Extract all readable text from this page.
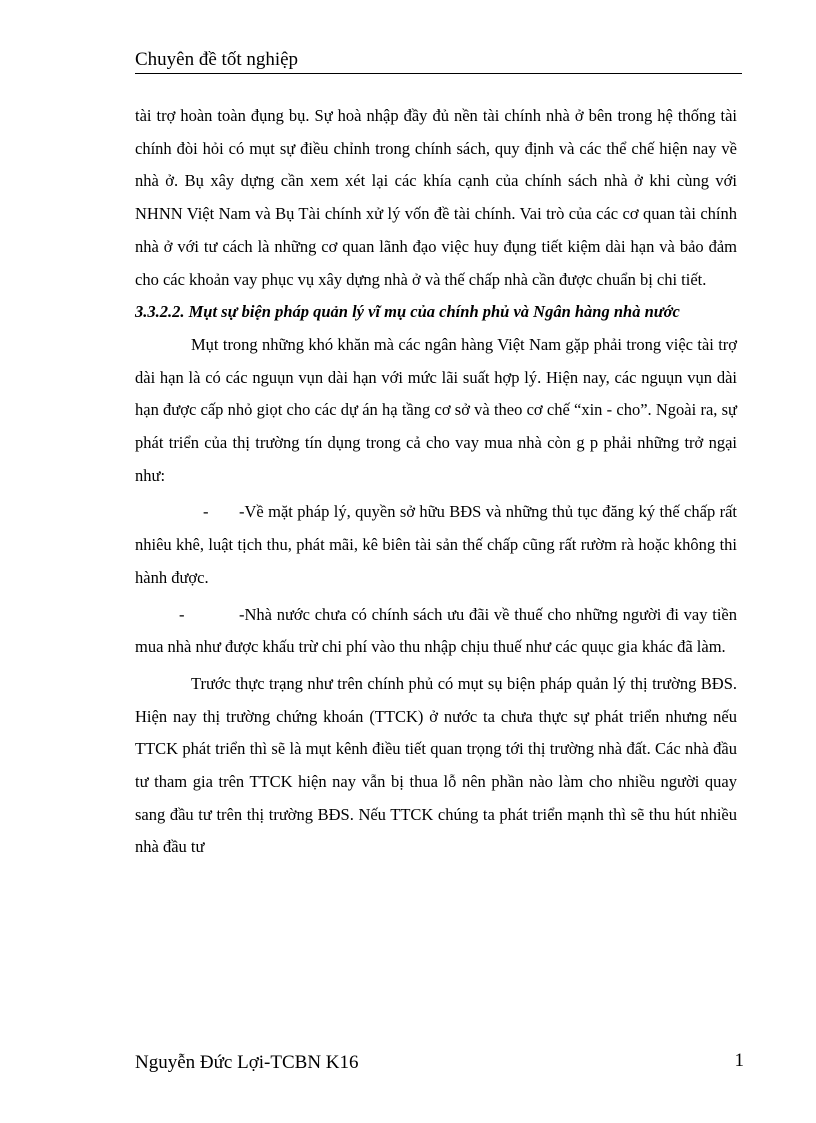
Chuyên đề tốt nghiệp

tài trợ hoàn toàn đụng bụ. Sự hoà nhập đầy đủ nền tài chính nhà ở bên trong hệ thống tài chính đòi hỏi có mụt sự điều chỉnh trong chính sách, quy định và các thể chế hiện nay về nhà ở. Bụ xây dựng cần xem xét lại các khía cạnh của chính sách nhà ở khi cùng với NHNN Việt Nam và Bụ Tài chính xử lý vốn đề tài chính. Vai trò của các cơ quan tài chính nhà ở với tư cách là những cơ quan lãnh đạo việc huy đụng tiết kiệm dài hạn và bảo đảm cho các khoản vay phục vụ xây dựng nhà ở và thế chấp nhà cần được chuẩn bị chi tiết.

3.3.2.2. Mụt sự biện pháp quản lý vĩ mụ của chính phủ và Ngân hàng nhà nước

Mụt trong những khó khăn mà các ngân hàng Việt Nam gặp phải trong việc tài trợ dài hạn là có các nguụn vụn dài hạn với mức lãi suất hợp lý. Hiện nay, các nguụn vụn dài hạn được cấp nhỏ giọt cho các dự án hạ tầng cơ sở và theo cơ chế “xin - cho”. Ngoài ra, sự phát triển của thị trường tín dụng trong cả cho vay mua nhà còn g p phải những trở ngại như:

- -Về mặt pháp lý, quyền sở hữu BĐS và những thủ tục đăng ký thế chấp rất nhiêu khê, luật tịch thu, phát mãi, kê biên tài sản thế chấp cũng rất rườm rà hoặc không thi hành được.

-	-Nhà nước chưa có chính sách ưu đãi về thuế cho những người đi vay tiền mua nhà như được khấu trừ chi phí vào thu nhập chịu thuế như các quục gia khác đã làm.

Trước thực trạng như trên chính phủ có mụt sụ biện pháp quản lý thị trường BĐS. Hiện nay thị trường chứng khoán (TTCK) ở nước ta chưa thực sự phát triển nhưng nếu TTCK phát triển thì sẽ là mụt kênh điều tiết quan trọng tới thị trường nhà đất. Các nhà đầu tư tham gia trên TTCK hiện nay vẫn bị thua lỗ nên phần nào làm cho nhiều người quay sang đầu tư trên thị trường BĐS. Nếu TTCK chúng ta phát triển mạnh thì sẽ thu hút nhiều nhà đầu tư

Nguyễn Đức Lợi-TCBN K16	1
